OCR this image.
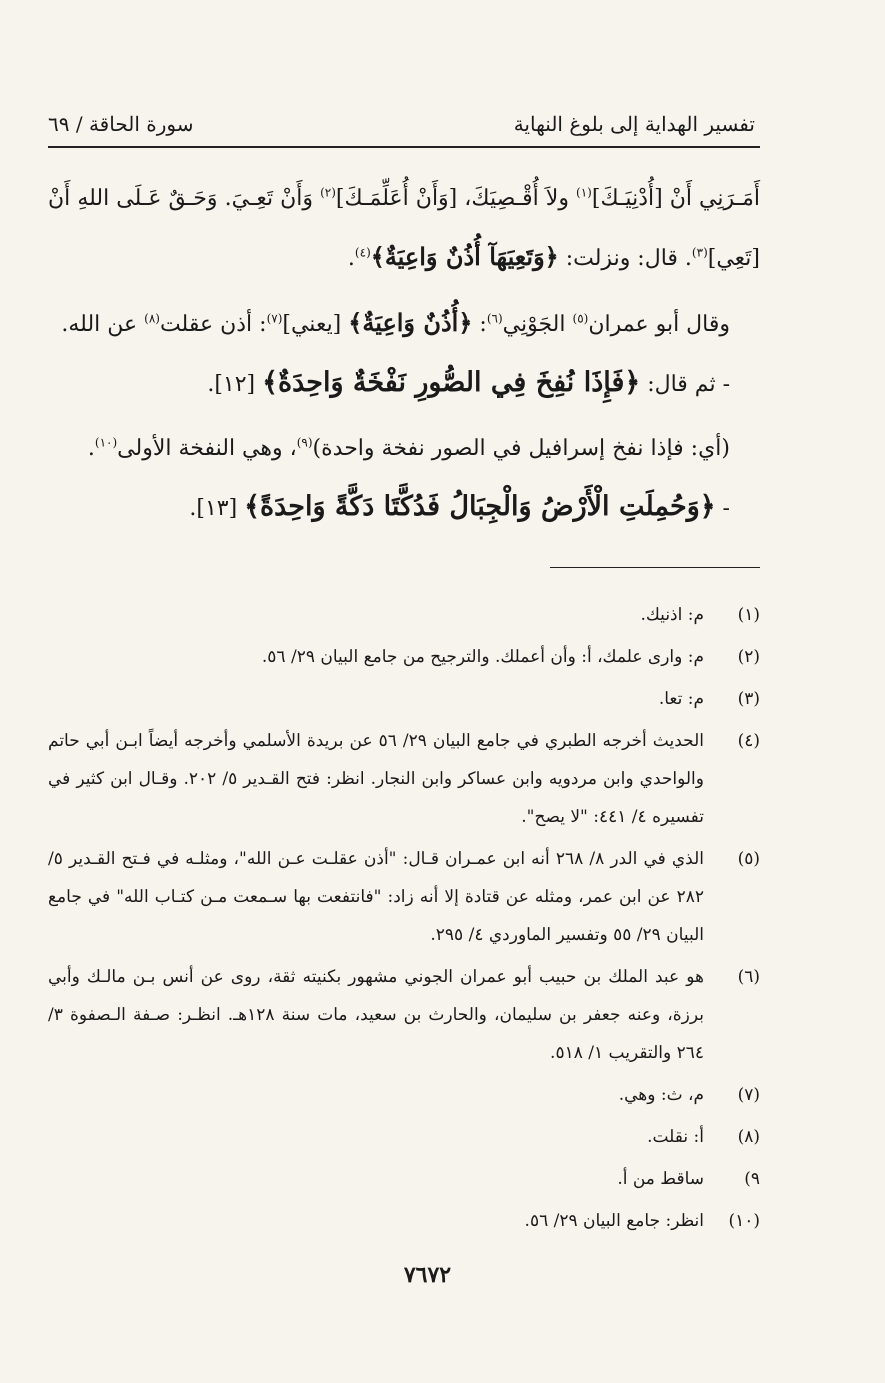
تفسير الهداية إلى بلوغ النهاية
سورة الحاقة / ٦٩

أَمَـرَنِي أَنْ [أُدْنِيَـكَ]$^{(١)}$ ولاَ أُقْـصِيَكَ، [وَأَنْ أُعَلِّمَـكَ]$^{(٢)}$ وَأَنْ تَعِـيَ. وَحَـقٌ عَـلَى اللهِ أَنْ [تَعِي]$^{(٣)}$. قال: ونزلت: ﴿وَتَعِيَهَآ أُذُنٌ وَاعِيَةٌ﴾$^{(٤)}$.

وقال أبو عمران$^{(٥)}$ الجَوْنِي$^{(٦)}$: ﴿أُذُنٌ وَاعِيَةٌ﴾ [يعني]$^{(٧)}$: أذن عقلت$^{(٨)}$ عن الله.

- ثم قال: ﴿فَإِذَا نُفِخَ فِي الصُّورِ نَفْخَةٌ وَاحِدَةٌ﴾ [١٢].

(أي: فإذا نفخ إسرافيل في الصور نفخة واحدة)$^{(٩)}$، وهي النفخة الأولى$^{(١٠)}$.

- ﴿وَحُمِلَتِ الْأَرْضُ وَالْجِبَالُ فَدُكَّتَا دَكَّةً وَاحِدَةً﴾ [١٣].

(١)
م: اذنيك.
(٢)
م: وارى علمك، أ: وأن أعملك. والترجيح من جامع البيان ٢٩/ ٥٦.
(٣)
م: تعا.
(٤)
الحديث أخرجه الطبري في جامع البيان ٢٩/ ٥٦ عن بريدة الأسلمي وأخرجه أيضاً ابـن أبي حاتم والواحدي وابن مردويه وابن عساكر وابن النجار. انظر: فتح القـدير ٥/ ٢٠٢. وقـال ابن كثير في تفسيره ٤/ ٤٤١: "لا يصح".
(٥)
الذي في الدر ٨/ ٢٦٨ أنه ابن عمـران قـال: "أذن عقلـت عـن الله"، ومثلـه في فـتح القـدير ٥/ ٢٨٢ عن ابن عمر، ومثله عن قتادة إلا أنه زاد: "فانتفعت بها سـمعت مـن كتـاب الله" في جامع البيان ٢٩/ ٥٥ وتفسير الماوردي ٤/ ٢٩٥.
(٦)
هو عبد الملك بن حبيب أبو عمران الجوني مشهور بكنيته ثقة، روى عن أنس بـن مالـك وأبي برزة، وعنه جعفر بن سليمان، والحارث بن سعيد، مات سنة ١٢٨هـ. انظـر: صـفة الـصفوة ٣/ ٢٦٤ والتقريب ١/ ٥١٨.
(٧)
م، ث: وهي.
(٨)
أ: نقلت.
٩)
ساقط من أ.
(١٠)
انظر: جامع البيان ٢٩/ ٥٦.
٧٦٧٢
